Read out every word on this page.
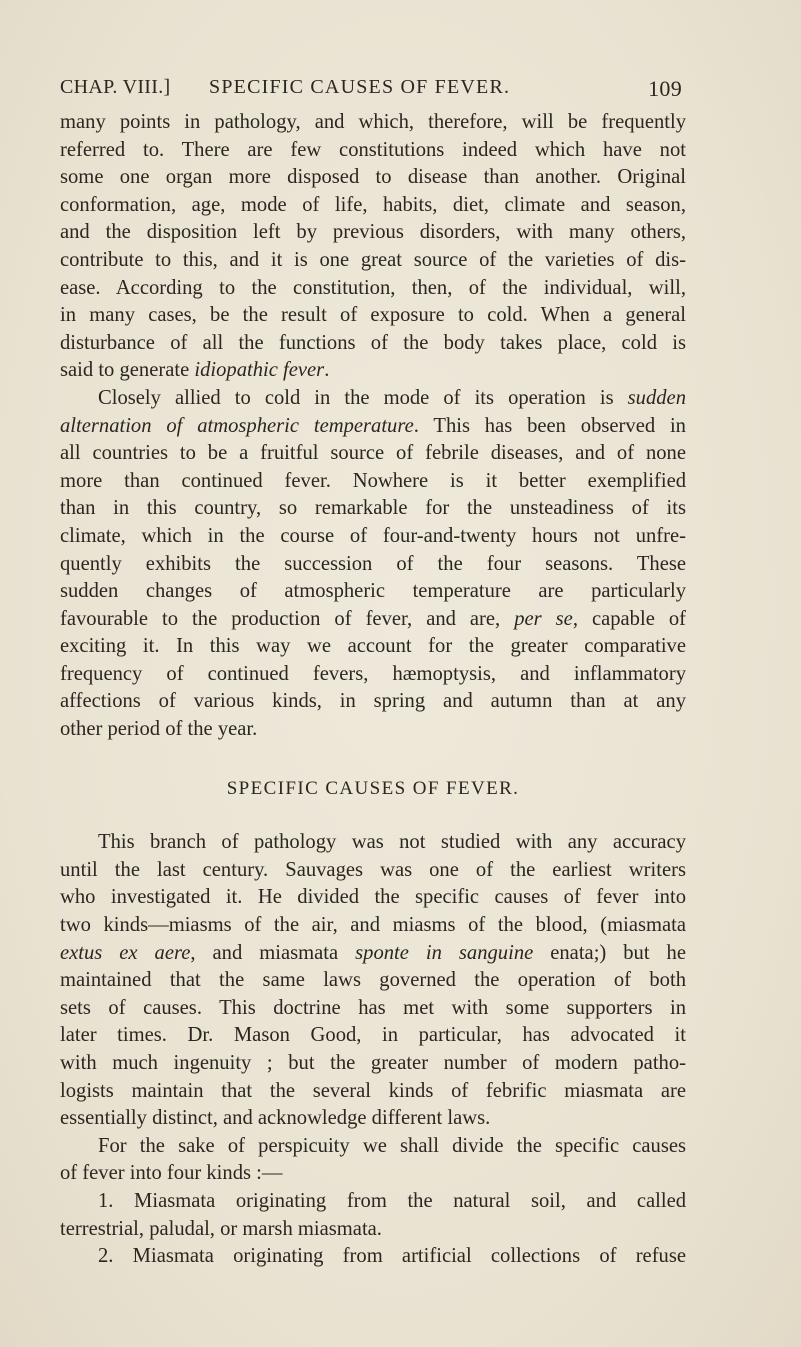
CHAP. VIII.] SPECIFIC CAUSES OF FEVER.	109

many points in pathology, and which, therefore, will be frequently
referred to. There are few constitutions indeed which have not
some one organ more disposed to disease than another. Original
conformation, age, mode of life, habits, diet, climate and season,
and the disposition left by previous disorders, with many others,
contribute to this, and it is one great source of the varieties of dis-
ease. According to the constitution, then, of the individual, will,
in many cases, be the result of exposure to cold. When a general
disturbance of all the functions of the body takes place, cold is
said to generate idiopathic fever.

Closely allied to cold in the mode of its operation is sudden
alternation of atmospheric temperature. This has been observed in
all countries to be a fruitful source of febrile diseases, and of none
more than continued fever. Nowhere is it better exemplified
than in this country, so remarkable for the unsteadiness of its
climate, which in the course of four-and-twenty hours not unfre-
quently exhibits the succession of the four seasons. These
sudden changes of atmospheric temperature are particularly
favourable to the production of fever, and are, per se, capable of
exciting it. In this way we account for the greater comparative
frequency of continued fevers, hæmoptysis, and inflammatory
affections of various kinds, in spring and autumn than at any
other period of the year.

SPECIFIC CAUSES OF FEVER.

This branch of pathology was not studied with any accuracy
until the last century. Sauvages was one of the earliest writers
who investigated it. He divided the specific causes of fever into
two kinds—miasms of the air, and miasms of the blood, (miasmata
extus ex aere, and miasmata sponte in sanguine enata;) but he
maintained that the same laws governed the operation of both
sets of causes. This doctrine has met with some supporters in
later times. Dr. Mason Good, in particular, has advocated it
with much ingenuity ; but the greater number of modern patho-
logists maintain that the several kinds of febrific miasmata are
essentially distinct, and acknowledge different laws.

For the sake of perspicuity we shall divide the specific causes
of fever into four kinds :—

1. Miasmata originating from the natural soil, and called
terrestrial, paludal, or marsh miasmata.

2. Miasmata originating from artificial collections of refuse
